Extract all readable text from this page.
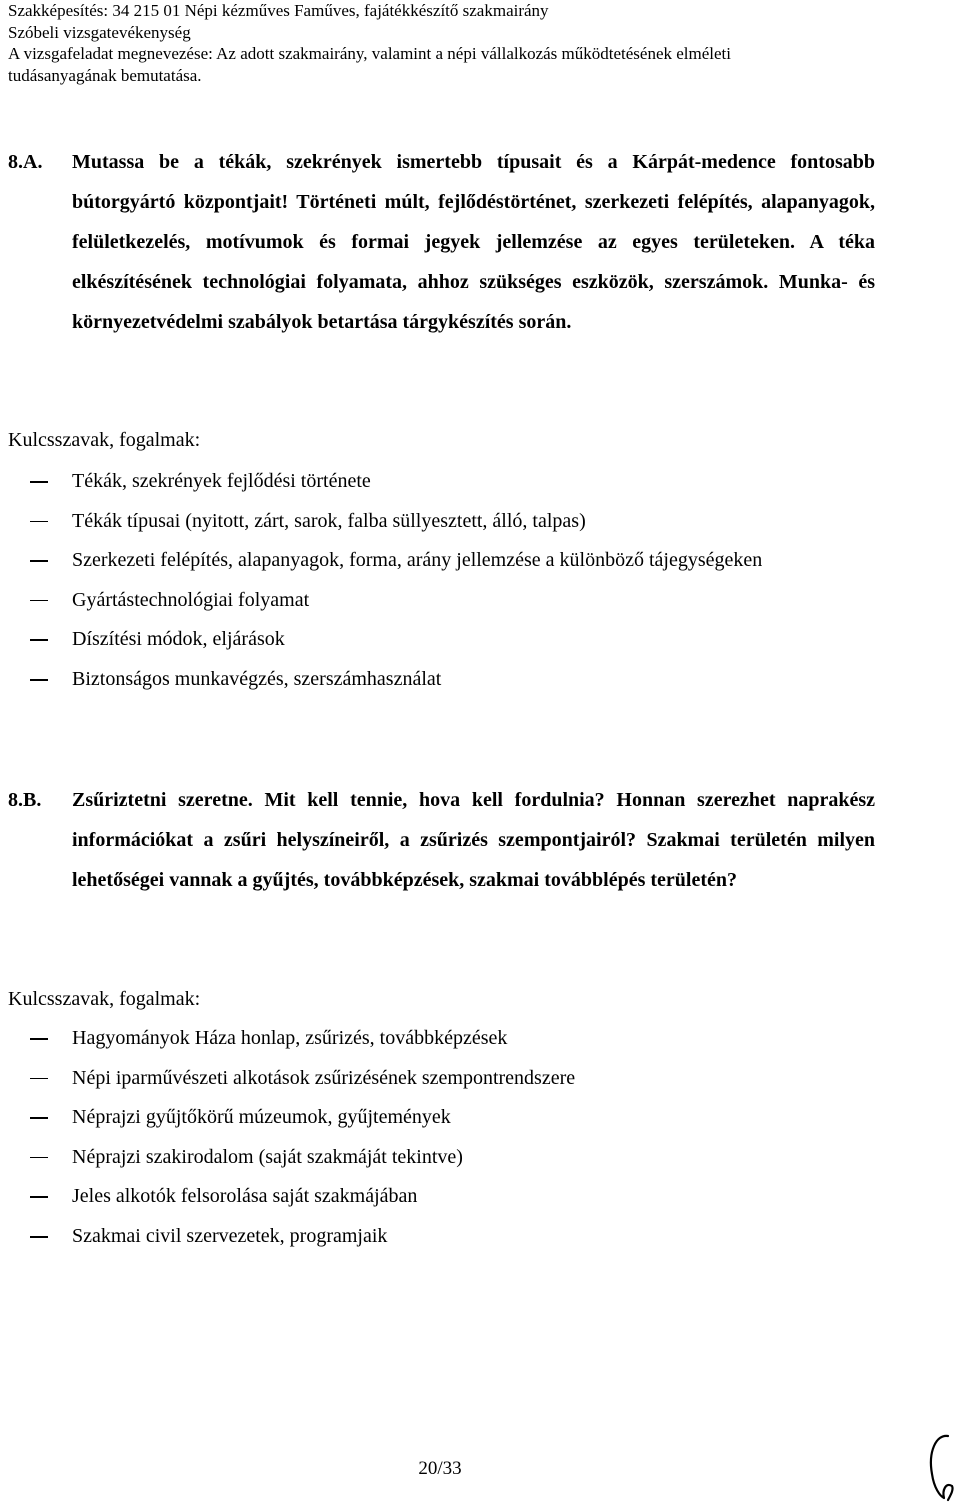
Szakképesítés: 34 215 01 Népi kézműves Faműves, fajátékkészítő szakmairány
Szóbeli vizsgatevékenység
A vizsgafeladat megnevezése: Az adott szakmairány, valamint a népi vállalkozás működtetésének elméleti
tudásanyagának bemutatása.
8.A. Mutassa be a tékák, szekrények ismertebb típusait és a Kárpát-medence fontosabb bútorgyártó központjait! Történeti múlt, fejlődéstörténet, szerkezeti felépítés, alapanyagok, felületkezelés, motívumok és formai jegyek jellemzése az egyes területeken. A téka elkészítésének technológiai folyamata, ahhoz szükséges eszközök, szerszámok. Munka- és környezetvédelmi szabályok betartása tárgykészítés során.
Kulcsszavak, fogalmak:
Tékák, szekrények fejlődési története
Tékák típusai (nyitott, zárt, sarok, falba süllyesztett, álló, talpas)
Szerkezeti felépítés, alapanyagok, forma, arány jellemzése a különböző tájegységeken
Gyártástechnológiai folyamat
Díszítési módok, eljárások
Biztonságos munkavégzés, szerszámhasználat
8.B. Zsűriztetni szeretne. Mit kell tennie, hova kell fordulnia? Honnan szerezhet naprakész információkat a zsűri helyszíneiről, a zsűrizés szempontjairól? Szakmai területén milyen lehetőségei vannak a gyűjtés, továbbképzések, szakmai továbblépés területén?
Kulcsszavak, fogalmak:
Hagyományok Háza honlap, zsűrizés, továbbképzések
Népi iparművészeti alkotások zsűrizésének szempontrendszere
Néprajzi gyűjtőkörű múzeumok, gyűjtemények
Néprajzi szakirodalom (saját szakmáját tekintve)
Jeles alkotók felsorolása saját szakmájában
Szakmai civil szervezetek, programjaik
20/33
